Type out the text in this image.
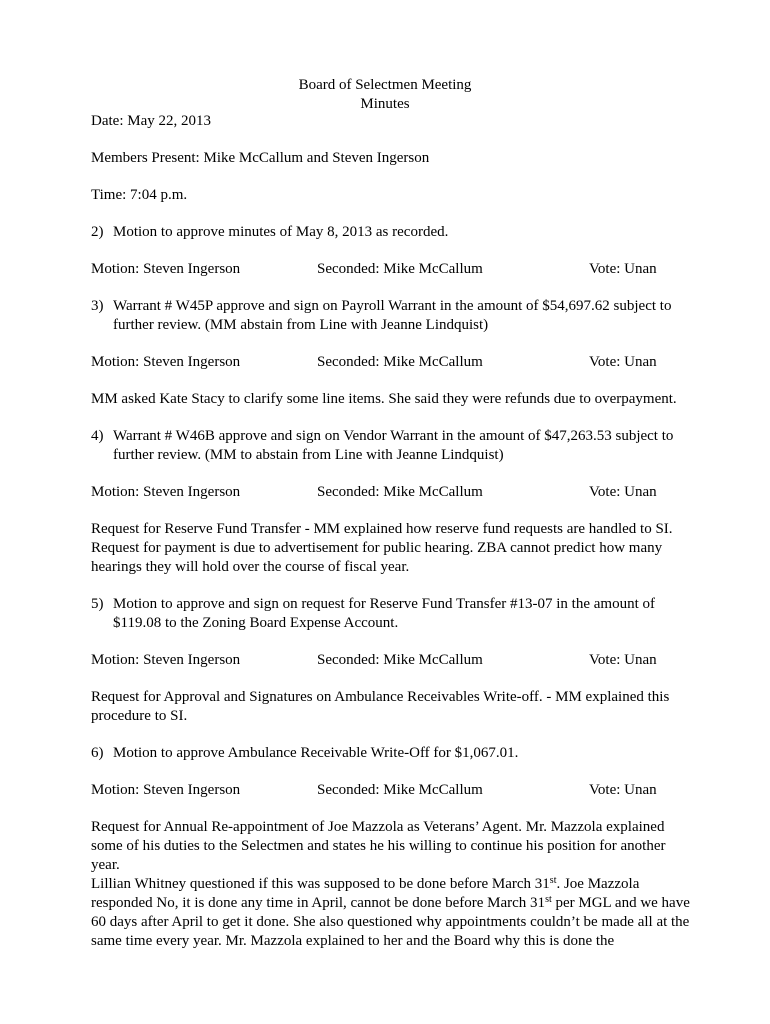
Board of Selectmen Meeting
Minutes

Date: May 22, 2013

Members Present: Mike McCallum and Steven Ingerson

Time: 7:04 p.m.

2) Motion to approve minutes of May 8, 2013 as recorded.
Motion: Steven Ingerson	Seconded: Mike McCallum	Vote: Unan
3) Warrant # W45P approve and sign on Payroll Warrant in the amount of $54,697.62 subject to further review. (MM abstain from Line with Jeanne Lindquist)
Motion: Steven Ingerson	Seconded: Mike McCallum	Vote: Unan

MM asked Kate Stacy to clarify some line items. She said they were refunds due to overpayment.

4) Warrant # W46B approve and sign on Vendor Warrant in the amount of $47,263.53 subject to further review. (MM to abstain from Line with Jeanne Lindquist)
Motion: Steven Ingerson	Seconded: Mike McCallum	Vote: Unan

Request for Reserve Fund Transfer - MM explained how reserve fund requests are handled to SI. Request for payment is due to advertisement for public hearing. ZBA cannot predict how many hearings they will hold over the course of fiscal year.

5) Motion to approve and sign on request for Reserve Fund Transfer #13-07 in the amount of $119.08 to the Zoning Board Expense Account.
Motion: Steven Ingerson	Seconded: Mike McCallum	Vote: Unan

Request for Approval and Signatures on Ambulance Receivables Write-off. - MM explained this procedure to SI.

6) Motion to approve Ambulance Receivable Write-Off for $1,067.01.
Motion: Steven Ingerson	Seconded: Mike McCallum	Vote: Unan

Request for Annual Re-appointment of Joe Mazzola as Veterans’ Agent. Mr. Mazzola explained some of his duties to the Selectmen and states he his willing to continue his position for another year.

Lillian Whitney questioned if this was supposed to be done before March 31st. Joe Mazzola responded No, it is done any time in April, cannot be done before March 31st per MGL and we have 60 days after April to get it done. She also questioned why appointments couldn’t be made all at the same time every year. Mr. Mazzola explained to her and the Board why this is done the
